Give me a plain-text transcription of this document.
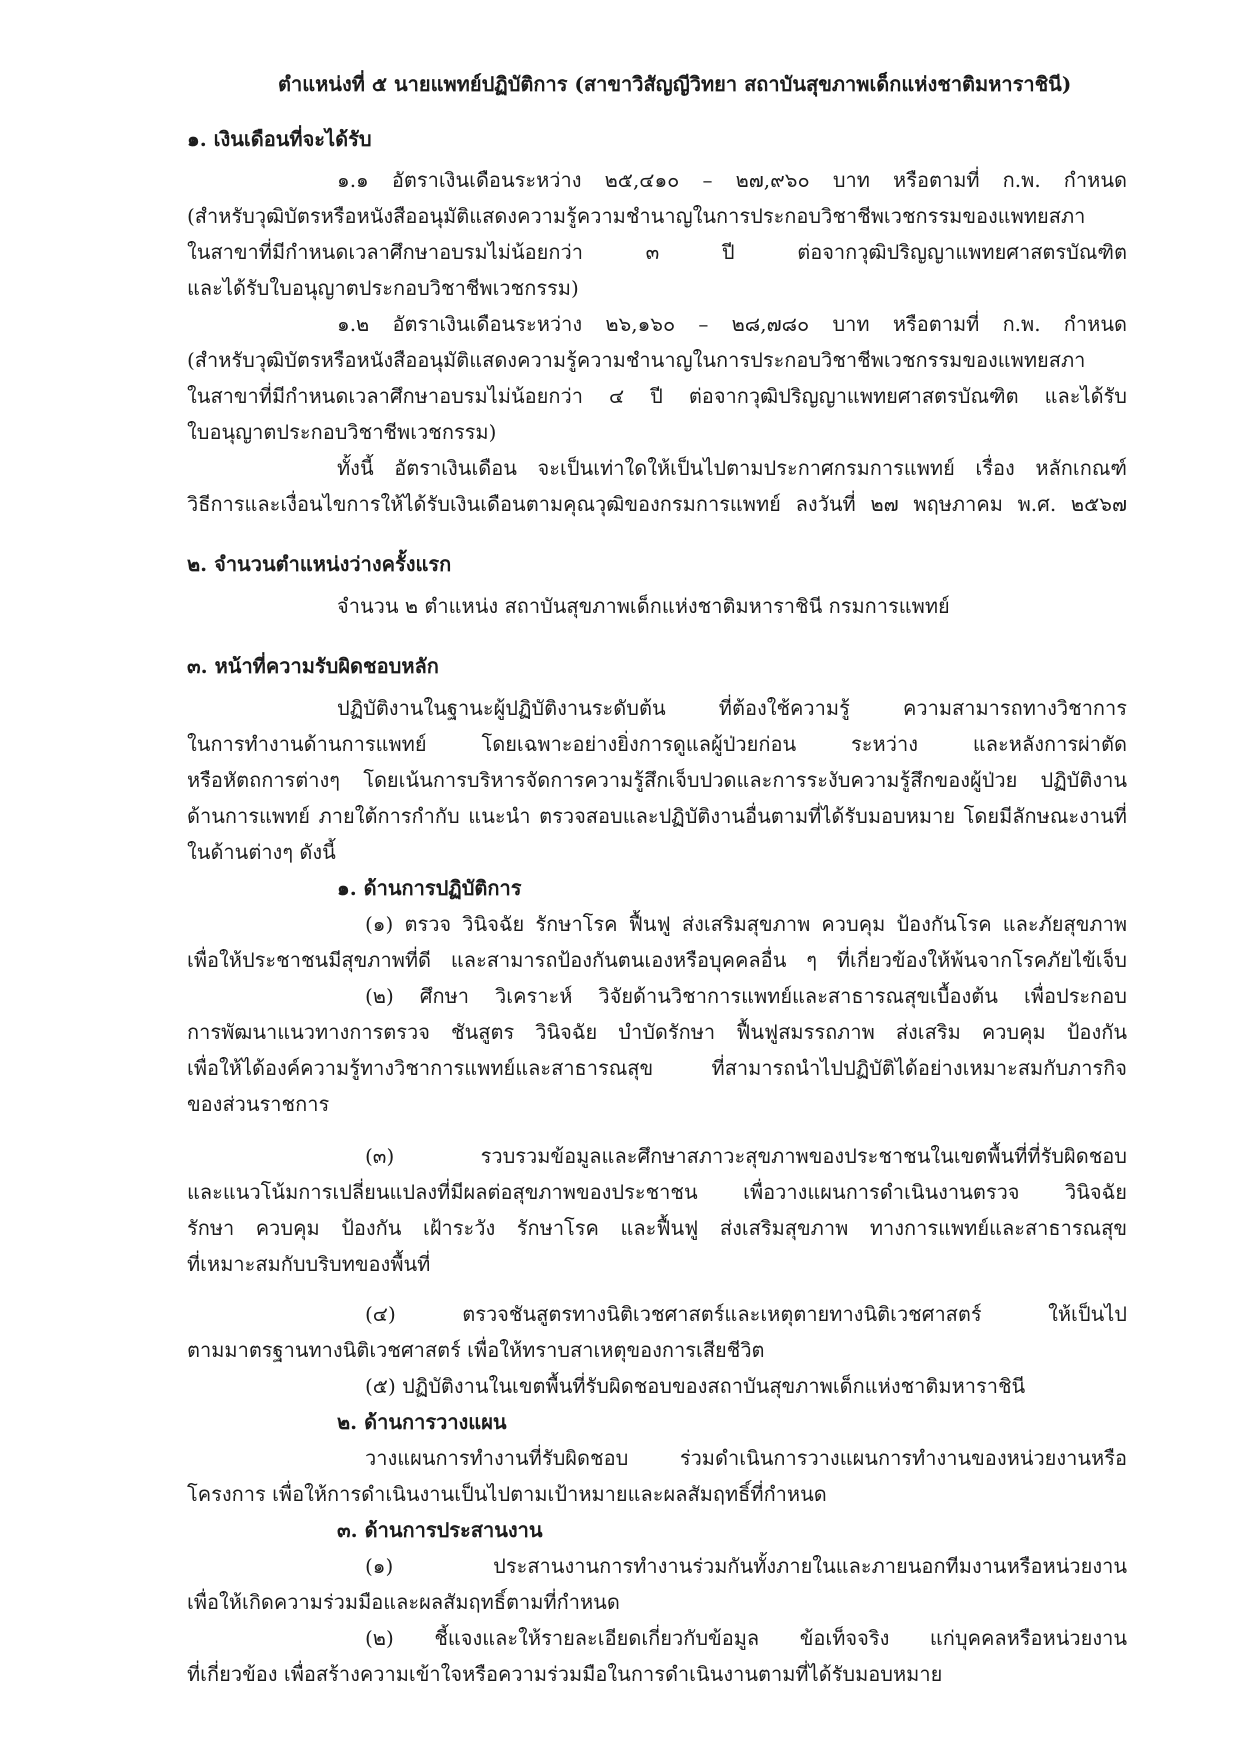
ตำแหน่งที่ ๕ นายแพทย์ปฏิบัติการ (สาขาวิสัญญีวิทยา สถาบันสุขภาพเด็กแห่งชาติมหาราชินี)
๑. เงินเดือนที่จะได้รับ
๑.๑ อัตราเงินเดือนระหว่าง ๒๕,๔๑๐ – ๒๗,๙๖๐ บาท หรือตามที่ ก.พ. กำหนด
(สำหรับวุฒิบัตรหรือหนังสืออนุมัติแสดงความรู้ความชำนาญในการประกอบวิชาชีพเวชกรรมของแพทยสภา
ในสาขาที่มีกำหนดเวลาศึกษาอบรมไม่น้อยกว่า ๓ ปี ต่อจากวุฒิปริญญาแพทยศาสตรบัณฑิต
และได้รับใบอนุญาตประกอบวิชาชีพเวชกรรม)
๑.๒ อัตราเงินเดือนระหว่าง ๒๖,๑๖๐ – ๒๘,๗๘๐ บาท หรือตามที่ ก.พ. กำหนด
(สำหรับวุฒิบัตรหรือหนังสืออนุมัติแสดงความรู้ความชำนาญในการประกอบวิชาชีพเวชกรรมของแพทยสภา
ในสาขาที่มีกำหนดเวลาศึกษาอบรมไม่น้อยกว่า ๔ ปี ต่อจากวุฒิปริญญาแพทยศาสตรบัณฑิต และได้รับ
ใบอนุญาตประกอบวิชาชีพเวชกรรม)
ทั้งนี้ อัตราเงินเดือน จะเป็นเท่าใดให้เป็นไปตามประกาศกรมการแพทย์ เรื่อง หลักเกณฑ์
วิธีการและเงื่อนไขการให้ได้รับเงินเดือนตามคุณวุฒิของกรมการแพทย์ ลงวันที่ ๒๗ พฤษภาคม พ.ศ. ๒๕๖๗
๒. จำนวนตำแหน่งว่างครั้งแรก
จำนวน ๒ ตำแหน่ง สถาบันสุขภาพเด็กแห่งชาติมหาราชินี กรมการแพทย์
๓. หน้าที่ความรับผิดชอบหลัก
ปฏิบัติงานในฐานะผู้ปฏิบัติงานระดับต้น ที่ต้องใช้ความรู้ ความสามารถทางวิชาการ
ในการทำงานด้านการแพทย์ โดยเฉพาะอย่างยิ่งการดูแลผู้ป่วยก่อน ระหว่าง และหลังการผ่าตัด
หรือหัตถการต่างๆ โดยเน้นการบริหารจัดการความรู้สึกเจ็บปวดและการระงับความรู้สึกของผู้ป่วย ปฏิบัติงาน
ด้านการแพทย์ ภายใต้การกำกับ แนะนำ ตรวจสอบและปฏิบัติงานอื่นตามที่ได้รับมอบหมาย โดยมีลักษณะงานที่
ในด้านต่างๆ ดังนี้
๑. ด้านการปฏิบัติการ
(๑) ตรวจ วินิจฉัย รักษาโรค ฟื้นฟู ส่งเสริมสุขภาพ ควบคุม ป้องกันโรค และภัยสุขภาพ
เพื่อให้ประชาชนมีสุขภาพที่ดี และสามารถป้องกันตนเองหรือบุคคลอื่น ๆ ที่เกี่ยวข้องให้พ้นจากโรคภัยไข้เจ็บ
(๒) ศึกษา วิเคราะห์ วิจัยด้านวิชาการแพทย์และสาธารณสุขเบื้องต้น เพื่อประกอบ
การพัฒนาแนวทางการตรวจ ชันสูตร วินิจฉัย บำบัดรักษา ฟื้นฟูสมรรถภาพ ส่งเสริม ควบคุม ป้องกัน
เพื่อให้ได้องค์ความรู้ทางวิชาการแพทย์และสาธารณสุข ที่สามารถนำไปปฏิบัติได้อย่างเหมาะสมกับภารกิจ
ของส่วนราชการ
(๓) รวบรวมข้อมูลและศึกษาสภาวะสุขภาพของประชาชนในเขตพื้นที่ที่รับผิดชอบ
และแนวโน้มการเปลี่ยนแปลงที่มีผลต่อสุขภาพของประชาชน เพื่อวางแผนการดำเนินงานตรวจ วินิจฉัย
รักษา ควบคุม ป้องกัน เฝ้าระวัง รักษาโรค และฟื้นฟู ส่งเสริมสุขภาพ ทางการแพทย์และสาธารณสุข
ที่เหมาะสมกับบริบทของพื้นที่
(๔) ตรวจชันสูตรทางนิติเวชศาสตร์และเหตุตายทางนิติเวชศาสตร์ ให้เป็นไป
ตามมาตรฐานทางนิติเวชศาสตร์ เพื่อให้ทราบสาเหตุของการเสียชีวิต
(๕) ปฏิบัติงานในเขตพื้นที่รับผิดชอบของสถาบันสุขภาพเด็กแห่งชาติมหาราชินี
๒. ด้านการวางแผน
วางแผนการทำงานที่รับผิดชอบ ร่วมดำเนินการวางแผนการทำงานของหน่วยงานหรือ
โครงการ เพื่อให้การดำเนินงานเป็นไปตามเป้าหมายและผลสัมฤทธิ์ที่กำหนด
๓. ด้านการประสานงาน
(๑) ประสานงานการทำงานร่วมกันทั้งภายในและภายนอกทีมงานหรือหน่วยงาน
เพื่อให้เกิดความร่วมมือและผลสัมฤทธิ์ตามที่กำหนด
(๒) ชี้แจงและให้รายละเอียดเกี่ยวกับข้อมูล ข้อเท็จจริง แก่บุคคลหรือหน่วยงาน
ที่เกี่ยวข้อง เพื่อสร้างความเข้าใจหรือความร่วมมือในการดำเนินงานตามที่ได้รับมอบหมาย
